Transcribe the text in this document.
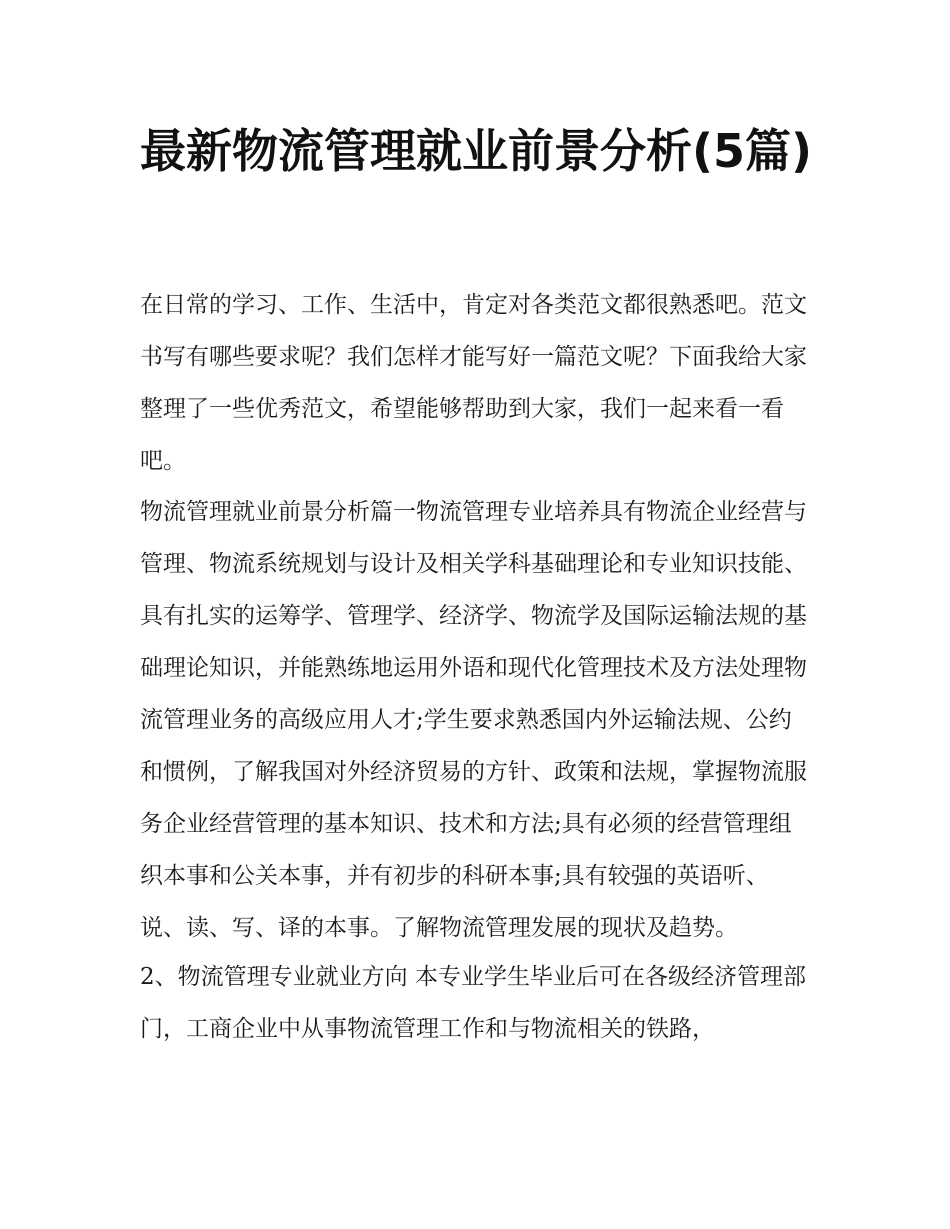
最新物流管理就业前景分析(5篇)

在日常的学习、工作、生活中，肯定对各类范文都很熟悉吧。范文书写有哪些要求呢？我们怎样才能写好一篇范文呢？下面我给大家整理了一些优秀范文，希望能够帮助到大家，我们一起来看一看吧。

物流管理就业前景分析篇一物流管理专业培养具有物流企业经营与管理、物流系统规划与设计及相关学科基础理论和专业知识技能、具有扎实的运筹学、管理学、经济学、物流学及国际运输法规的基础理论知识，并能熟练地运用外语和现代化管理技术及方法处理物流管理业务的高级应用人才;学生要求熟悉国内外运输法规、公约和惯例，了解我国对外经济贸易的方针、政策和法规，掌握物流服务企业经营管理的基本知识、技术和方法;具有必须的经营管理组织本事和公关本事，并有初步的科研本事;具有较强的英语听、说、读、写、译的本事。了解物流管理发展的现状及趋势。

2、物流管理专业就业方向 本专业学生毕业后可在各级经济管理部门，工商企业中从事物流管理工作和与物流相关的铁路，
